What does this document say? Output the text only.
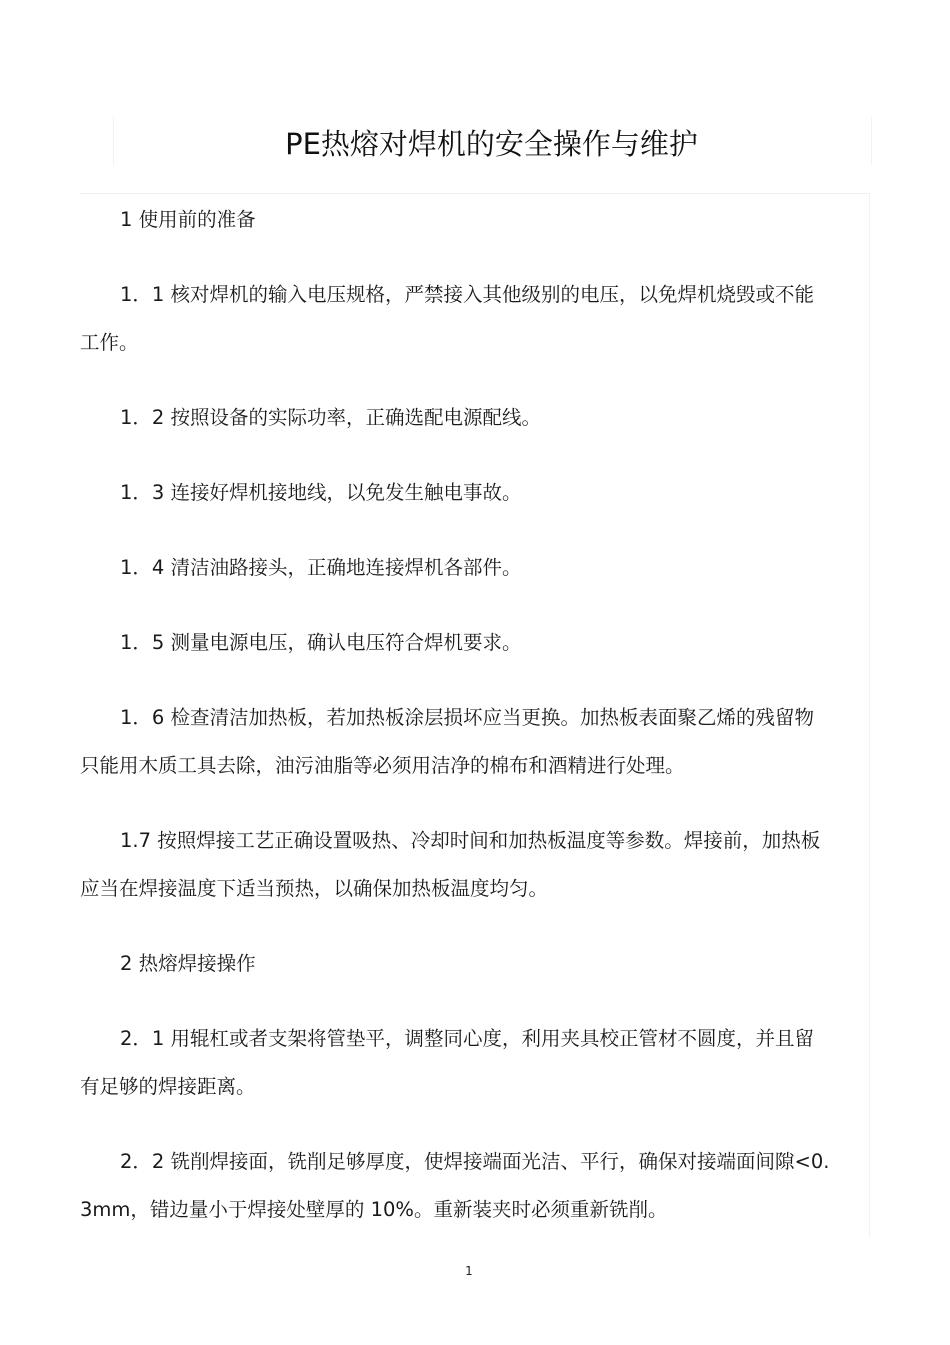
PE热熔对焊机的安全操作与维护

1 使用前的准备

1．1 核对焊机的输入电压规格，严禁接入其他级别的电压，以免焊机烧毁或不能工作。

1．2 按照设备的实际功率，正确选配电源配线。

1．3 连接好焊机接地线，以免发生触电事故。

1．4 清洁油路接头，正确地连接焊机各部件。

1．5 测量电源电压，确认电压符合焊机要求。

1．6 检查清洁加热板，若加热板涂层损坏应当更换。加热板表面聚乙烯的残留物只能用木质工具去除，油污油脂等必须用洁净的棉布和酒精进行处理。

1.7 按照焊接工艺正确设置吸热、冷却时间和加热板温度等参数。焊接前，加热板应当在焊接温度下适当预热，以确保加热板温度均匀。

2 热熔焊接操作

2．1 用辊杠或者支架将管垫平，调整同心度，利用夹具校正管材不圆度，并且留有足够的焊接距离。

2．2 铣削焊接面，铣削足够厚度，使焊接端面光洁、平行，确保对接端面间隙<0.3mm，错边量小于焊接处壁厚的 10%。重新装夹时必须重新铣削。

1
